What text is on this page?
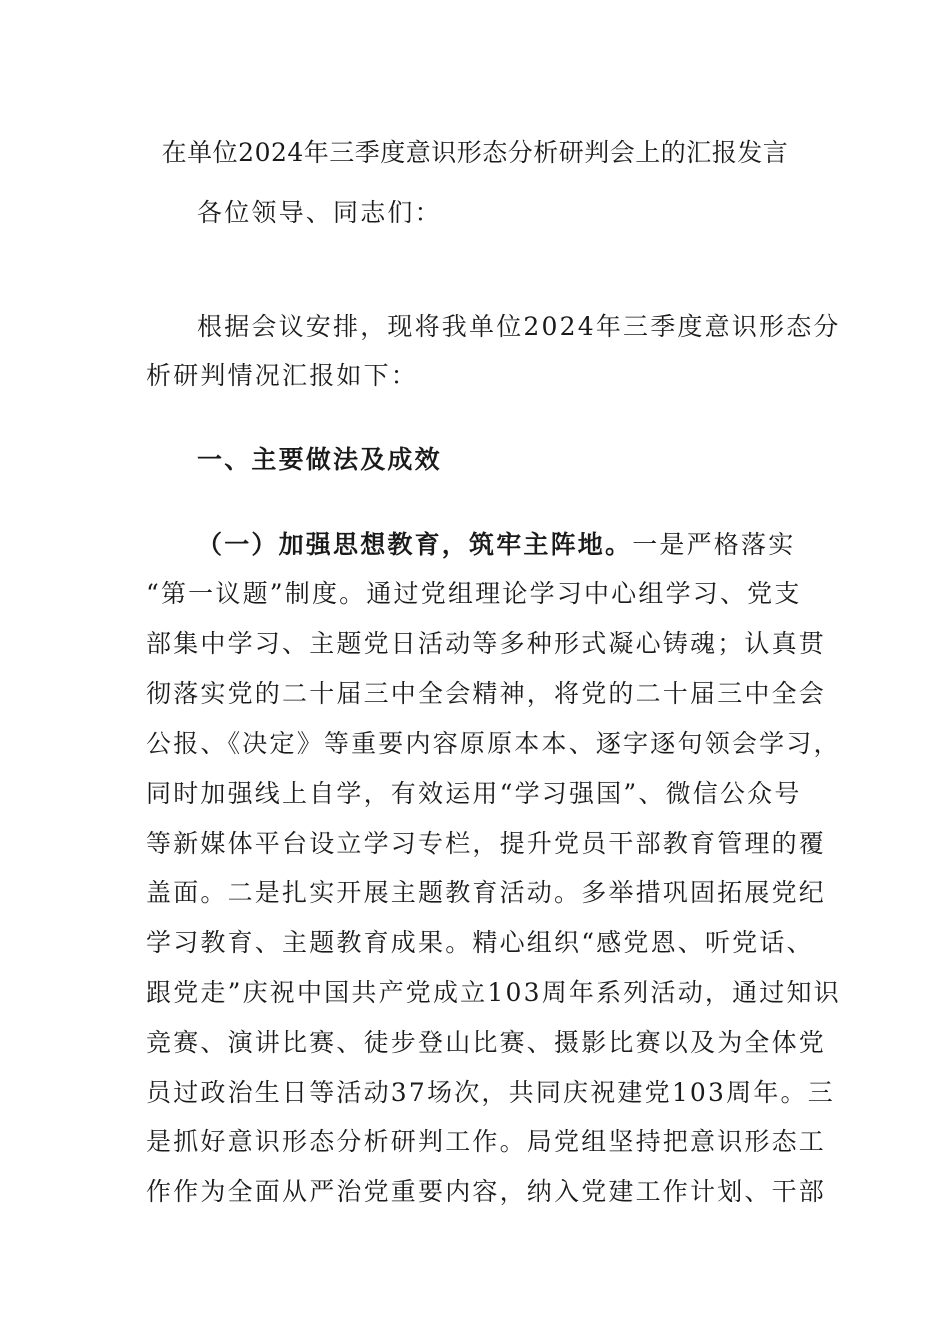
在单位2024年三季度意识形态分析研判会上的汇报发言
各位领导、同志们：
根据会议安排，现将我单位2024年三季度意识形态分
析研判情况汇报如下：
一、主要做法及成效
（一）加强思想教育，筑牢主阵地。一是严格落实
“第一议题”制度。通过党组理论学习中心组学习、党支
部集中学习、主题党日活动等多种形式凝心铸魂；认真贯
彻落实党的二十届三中全会精神，将党的二十届三中全会
公报、《决定》等重要内容原原本本、逐字逐句领会学习，
同时加强线上自学，有效运用“学习强国”、微信公众号
等新媒体平台设立学习专栏，提升党员干部教育管理的覆
盖面。二是扎实开展主题教育活动。多举措巩固拓展党纪
学习教育、主题教育成果。精心组织“感党恩、听党话、
跟党走”庆祝中国共产党成立103周年系列活动，通过知识
竞赛、演讲比赛、徒步登山比赛、摄影比赛以及为全体党
员过政治生日等活动37场次，共同庆祝建党103周年。三
是抓好意识形态分析研判工作。局党组坚持把意识形态工
作作为全面从严治党重要内容，纳入党建工作计划、干部
